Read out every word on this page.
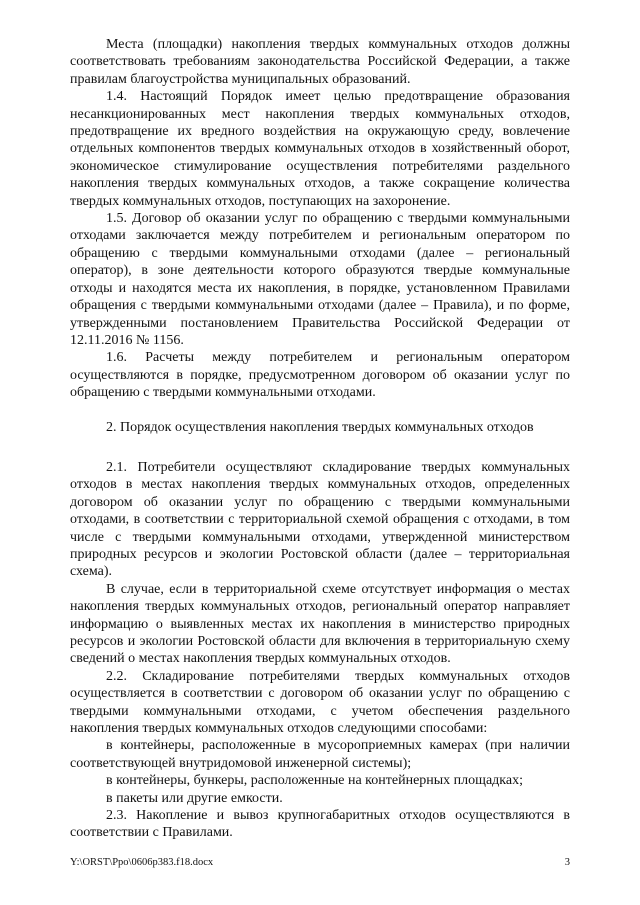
Места (площадки) накопления твердых коммунальных отходов должны соответствовать требованиям законодательства Российской Федерации, а также правилам благоустройства муниципальных образований.

1.4. Настоящий Порядок имеет целью предотвращение образования несанкционированных мест накопления твердых коммунальных отходов, предотвращение их вредного воздействия на окружающую среду, вовлечение отдельных компонентов твердых коммунальных отходов в хозяйственный оборот, экономическое стимулирование осуществления потребителями раздельного накопления твердых коммунальных отходов, а также сокращение количества твердых коммунальных отходов, поступающих на захоронение.

1.5. Договор об оказании услуг по обращению с твердыми коммунальными отходами заключается между потребителем и региональным оператором по обращению с твердыми коммунальными отходами (далее – региональный оператор), в зоне деятельности которого образуются твердые коммунальные отходы и находятся места их накопления, в порядке, установленном Правилами обращения с твердыми коммунальными отходами (далее – Правила), и по форме, утвержденными постановлением Правительства Российской Федерации от 12.11.2016 № 1156.

1.6. Расчеты между потребителем и региональным оператором осуществляются в порядке, предусмотренном договором об оказании услуг по обращению с твердыми коммунальными отходами.

2. Порядок осуществления накопления твердых коммунальных отходов

2.1. Потребители осуществляют складирование твердых коммунальных отходов в местах накопления твердых коммунальных отходов, определенных договором об оказании услуг по обращению с твердыми коммунальными отходами, в соответствии с территориальной схемой обращения с отходами, в том числе с твердыми коммунальными отходами, утвержденной министерством природных ресурсов и экологии Ростовской области (далее – территориальная схема).

В случае, если в территориальной схеме отсутствует информация о местах накопления твердых коммунальных отходов, региональный оператор направляет информацию о выявленных местах их накопления в министерство природных ресурсов и экологии Ростовской области для включения в территориальную схему сведений о местах накопления твердых коммунальных отходов.

2.2. Складирование потребителями твердых коммунальных отходов осуществляется в соответствии с договором об оказании услуг по обращению с твердыми коммунальными отходами, с учетом обеспечения раздельного накопления твердых коммунальных отходов следующими способами:

в контейнеры, расположенные в мусороприемных камерах (при наличии соответствующей внутридомовой инженерной системы);

в контейнеры, бункеры, расположенные на контейнерных площадках;

в пакеты или другие емкости.

2.3. Накопление и вывоз крупногабаритных отходов осуществляются в соответствии с Правилами.

Y:\ORST\Ppo\0606p383.f18.docx	3
